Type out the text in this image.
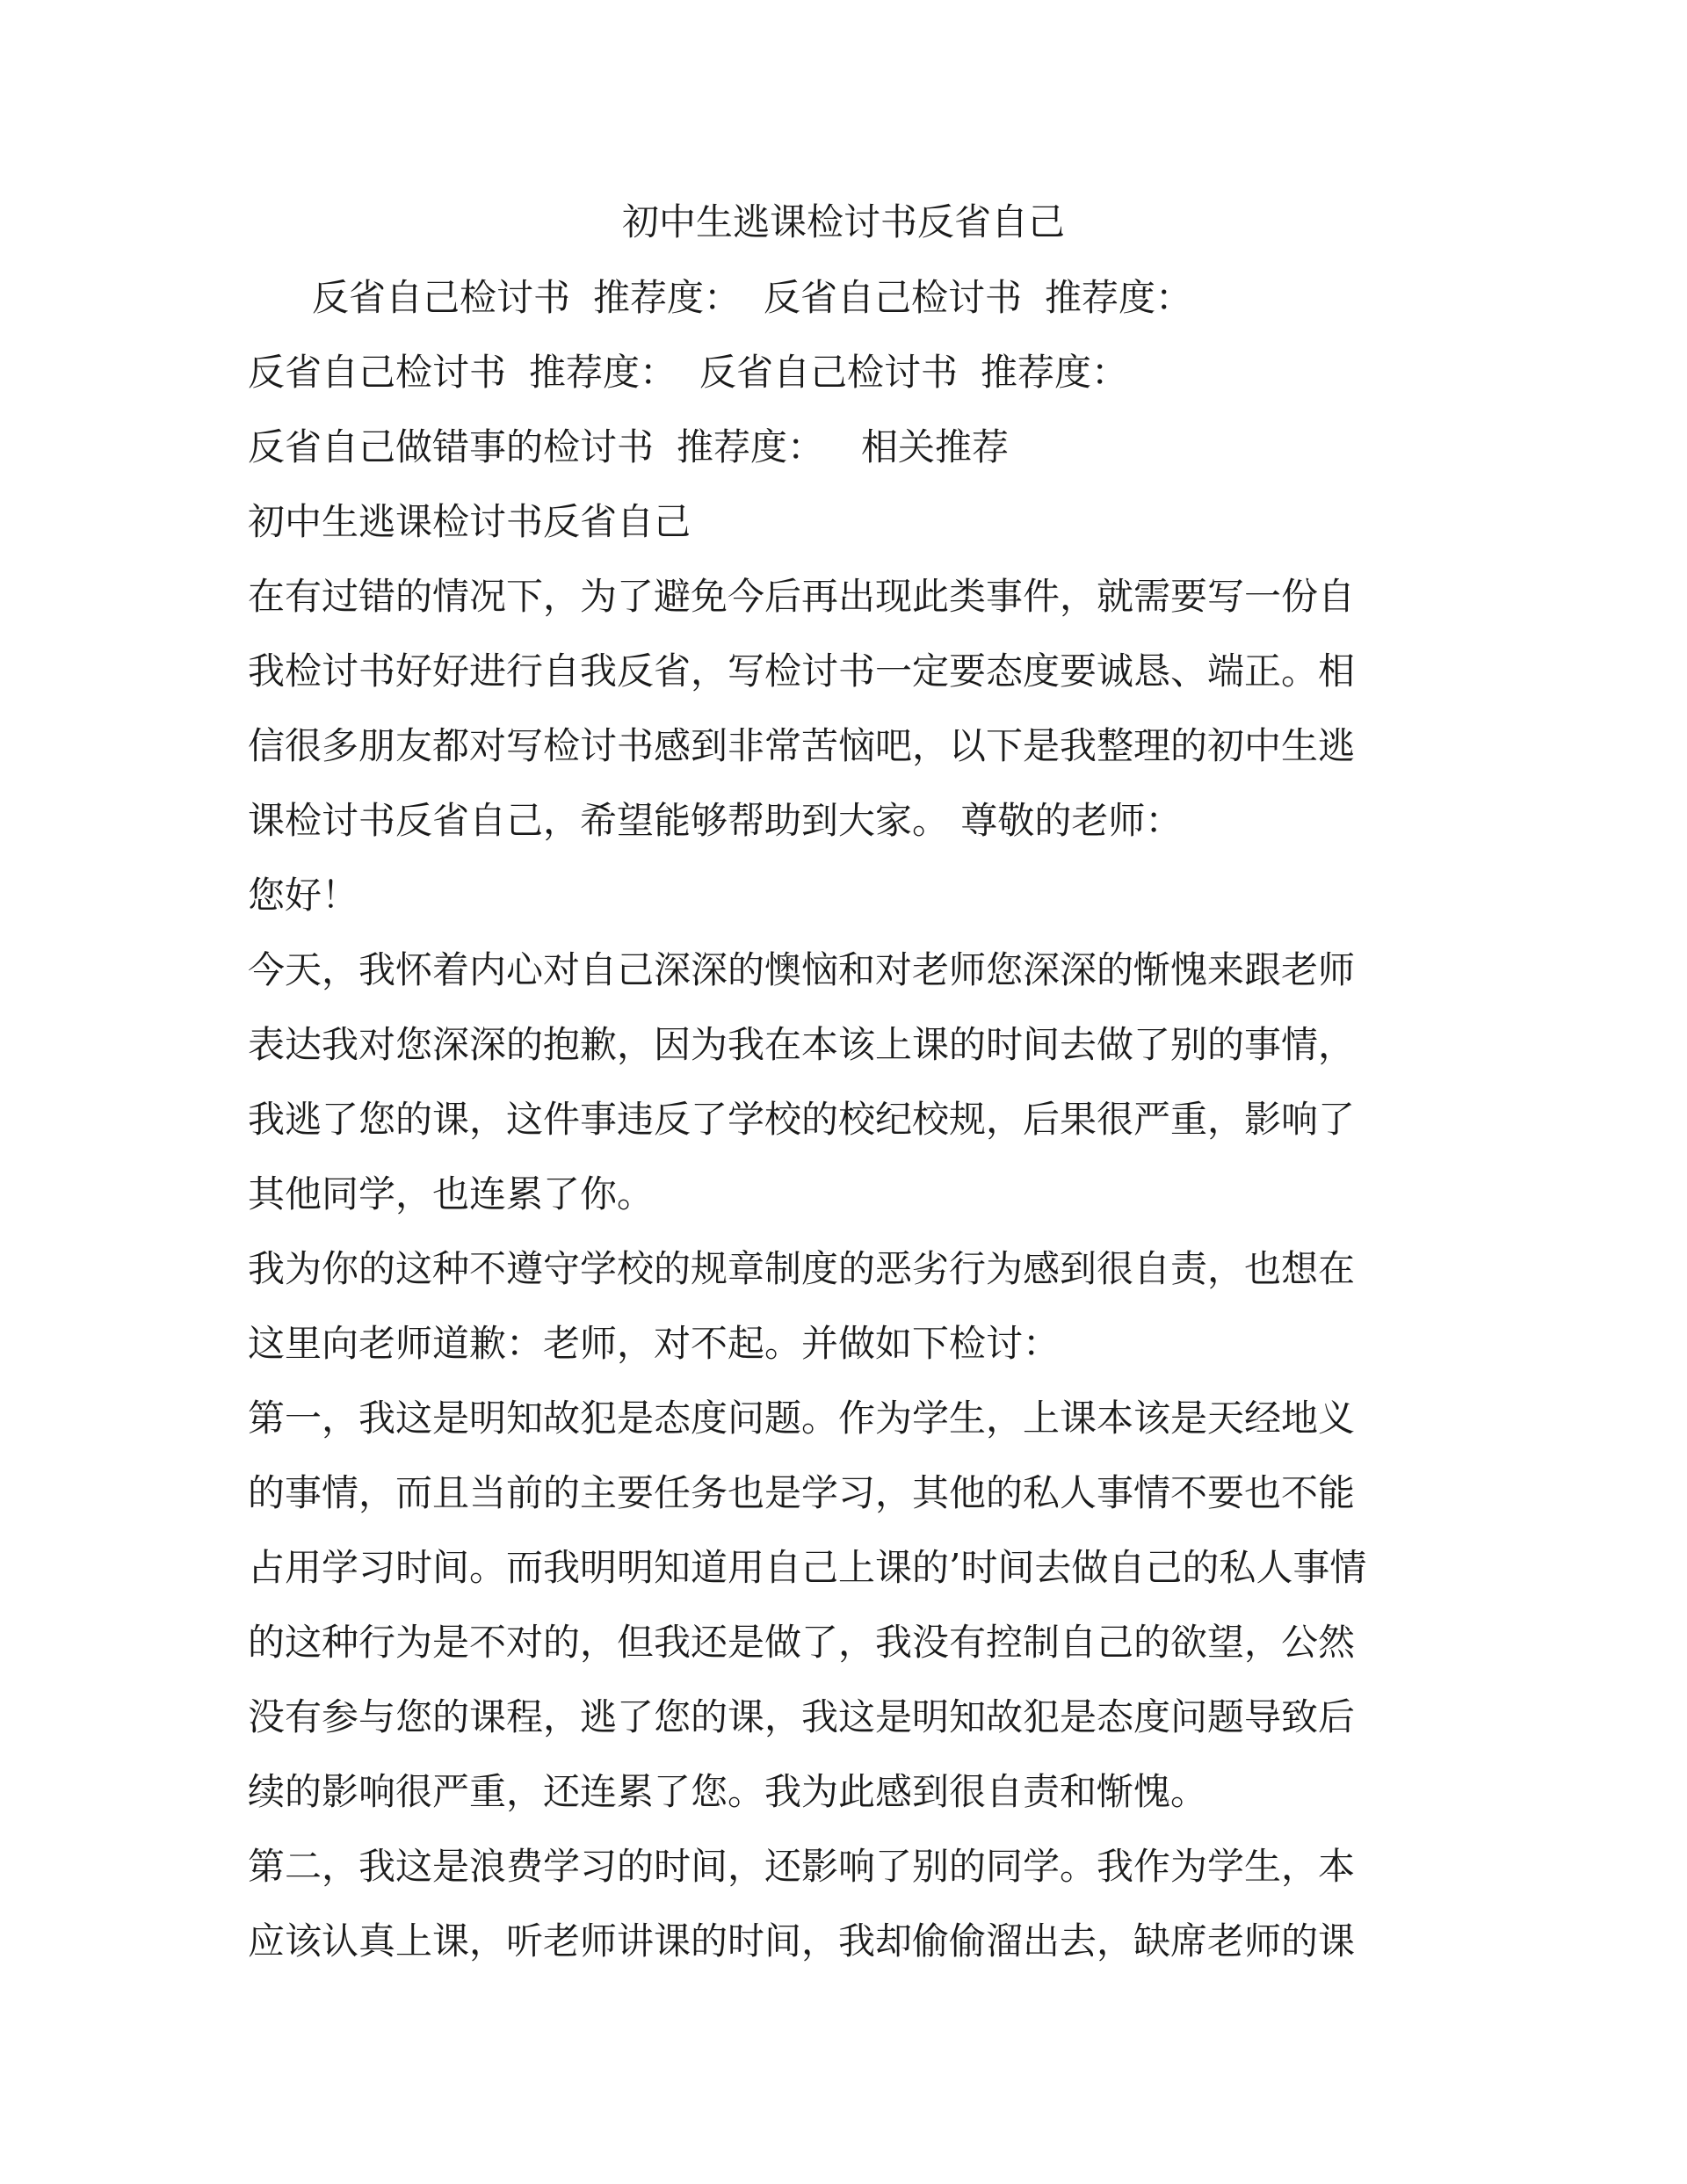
初中生逃课检讨书反省自己

反省自己检讨书 推荐度： 反省自己检讨书 推荐度：

反省自己检讨书 推荐度： 反省自己检讨书 推荐度：

反省自己做错事的检讨书 推荐度： 相关推荐

初中生逃课检讨书反省自己

在有过错的情况下，为了避免今后再出现此类事件，就需要写一份自

我检讨书好好进行自我反省，写检讨书一定要态度要诚恳、端正。相

信很多朋友都对写检讨书感到非常苦恼吧，以下是我整理的初中生逃

课检讨书反省自己，希望能够帮助到大家。 尊敬的老师：

您好！

今天，我怀着内心对自己深深的懊恼和对老师您深深的惭愧来跟老师

表达我对您深深的抱歉，因为我在本该上课的时间去做了别的事情，

我逃了您的课，这件事违反了学校的校纪校规，后果很严重，影响了

其他同学，也连累了你。

我为你的这种不遵守学校的规章制度的恶劣行为感到很自责，也想在

这里向老师道歉：老师，对不起。并做如下检讨：

第一，我这是明知故犯是态度问题。作为学生，上课本该是天经地义

的事情，而且当前的主要任务也是学习，其他的私人事情不要也不能

占用学习时间。而我明明知道用自己上课的’时间去做自己的私人事情

的这种行为是不对的，但我还是做了，我没有控制自己的欲望，公然

没有参与您的课程，逃了您的课，我这是明知故犯是态度问题导致后

续的影响很严重，还连累了您。我为此感到很自责和惭愧。

第二，我这是浪费学习的时间，还影响了别的同学。我作为学生，本

应该认真上课，听老师讲课的时间，我却偷偷溜出去，缺席老师的课
